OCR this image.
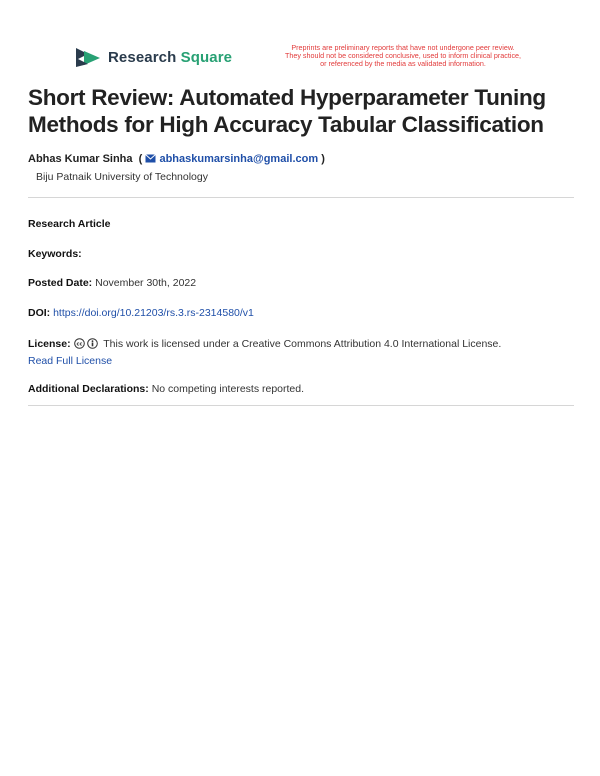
Research Square
Preprints are preliminary reports that have not undergone peer review.
They should not be considered conclusive, used to inform clinical practice,
or referenced by the media as validated information.
Short Review: Automated Hyperparameter Tuning Methods for High Accuracy Tabular Classification
Abhas Kumar Sinha  ( abhaskumarsinha@gmail.com )
Biju Patnaik University of Technology
Research Article
Keywords:
Posted Date: November 30th, 2022
DOI: https://doi.org/10.21203/rs.3.rs-2314580/v1
License: cc This work is licensed under a Creative Commons Attribution 4.0 International License.
Read Full License
Additional Declarations: No competing interests reported.
